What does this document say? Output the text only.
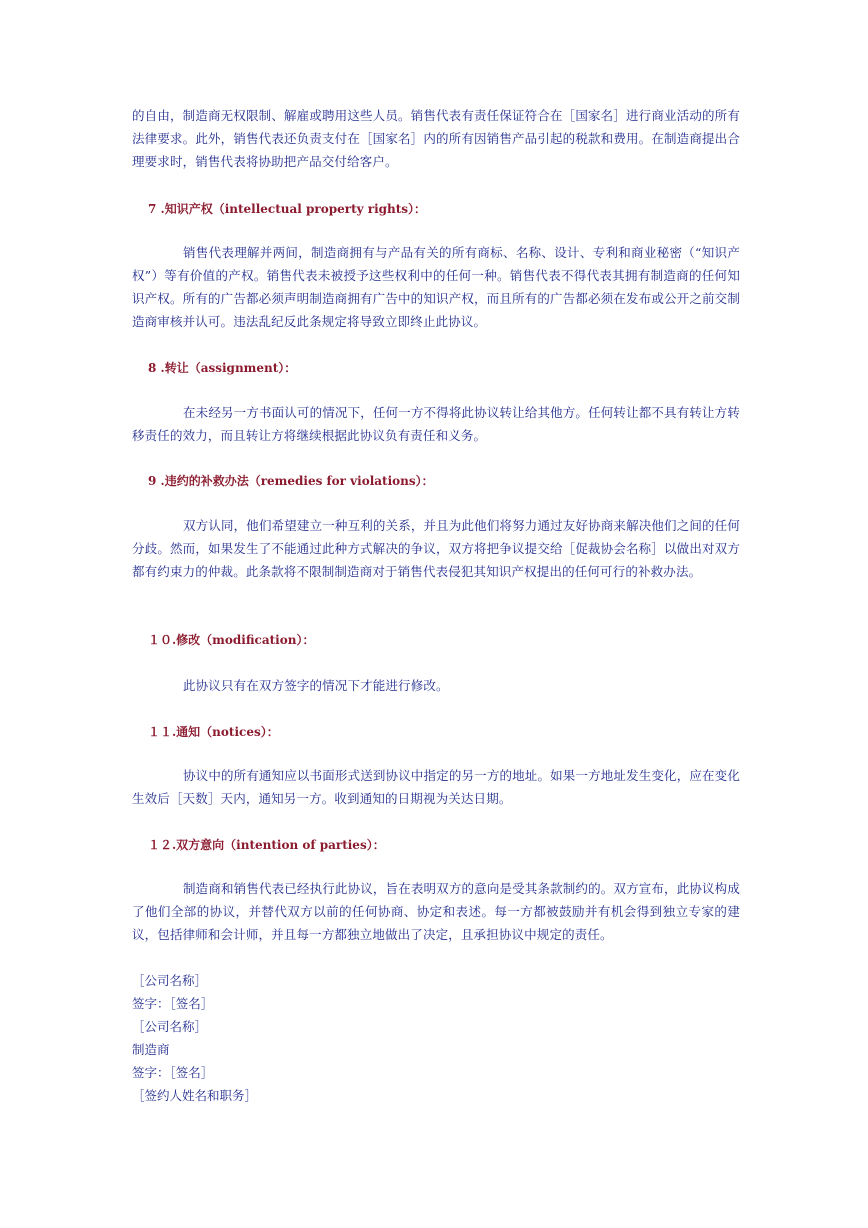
的自由，制造商无权限制、解雇或聘用这些人员。销售代表有责任保证符合在［国家名］进行商业活动的所有法律要求。此外，销售代表还负责支付在［国家名］内的所有因销售产品引起的税款和费用。在制造商提出合理要求时，销售代表将协助把产品交付给客户。

7 .知识产权（intellectual property rights）：

销售代表理解并两间，制造商拥有与产品有关的所有商标、名称、设计、专利和商业秘密（“知识产权”）等有价值的产权。销售代表未被授予这些权利中的任何一种。销售代表不得代表其拥有制造商的任何知识产权。所有的广告都必须声明制造商拥有广告中的知识产权，而且所有的广告都必须在发布或公开之前交制造商审核并认可。违法乱纪反此条规定将导致立即终止此协议。

8 .转让（assignment）：

在未经另一方书面认可的情况下，任何一方不得将此协议转让给其他方。任何转让都不具有转让方转移责任的效力，而且转让方将继续根据此协议负有责任和义务。

9 .违约的补救办法（remedies for violations）：

双方认同，他们希望建立一种互利的关系，并且为此他们将努力通过友好协商来解决他们之间的任何分歧。然而，如果发生了不能通过此种方式解决的争议，双方将把争议提交给［促裁协会名称］以做出对双方都有约束力的仲裁。此条款将不限制制造商对于销售代表侵犯其知识产权提出的任何可行的补救办法。

１０.修改（modification）：

此协议只有在双方签字的情况下才能进行修改。

１１.通知（notices）：

协议中的所有通知应以书面形式送到协议中指定的另一方的地址。如果一方地址发生变化，应在变化生效后［天数］天内，通知另一方。收到通知的日期视为关达日期。

１２.双方意向（intention of parties）：

制造商和销售代表已经执行此协议，旨在表明双方的意向是受其条款制约的。双方宣布，此协议构成了他们全部的协议，并替代双方以前的任何协商、协定和表述。每一方都被鼓励并有机会得到独立专家的建议，包括律师和会计师，并且每一方都独立地做出了决定，且承担协议中规定的责任。

［公司名称］

签字：［签名］

［公司名称］

制造商

签字：［签名］

［签约人姓名和职务］
